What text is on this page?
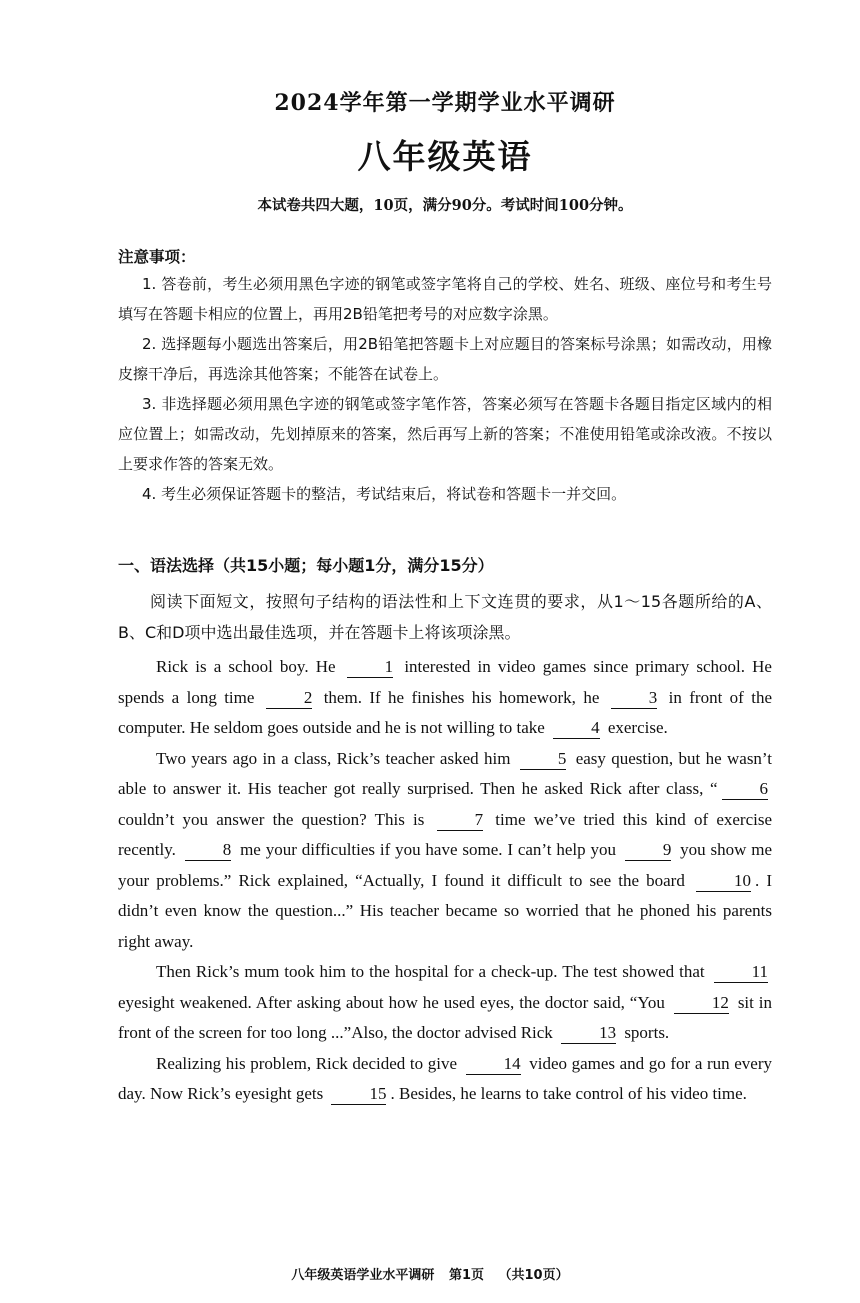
2024学年第一学期学业水平调研
八年级英语
本试卷共四大题，10页，满分90分。考试时间100分钟。
注意事项：

1. 答卷前，考生必须用黑色字迹的钢笔或签字笔将自己的学校、姓名、班级、座位号和考生号填写在答题卡相应的位置上，再用2B铅笔把考号的对应数字涂黑。

2. 选择题每小题选出答案后，用2B铅笔把答题卡上对应题目的答案标号涂黑；如需改动，用橡皮擦干净后，再选涂其他答案；不能答在试卷上。

3. 非选择题必须用黑色字迹的钢笔或签字笔作答，答案必须写在答题卡各题目指定区域内的相应位置上；如需改动，先划掉原来的答案，然后再写上新的答案；不准使用铅笔或涂改液。不按以上要求作答的答案无效。

4. 考生必须保证答题卡的整洁，考试结束后，将试卷和答题卡一并交回。

一、语法选择（共15小题；每小题1分，满分15分）

阅读下面短文，按照句子结构的语法性和上下文连贯的要求，从1～15各题所给的A、B、C和D项中选出最佳选项，并在答题卡上将该项涂黑。

Rick is a school boy. He	1 interested in video games since primary school. He spends a long time	2 them. If he finishes his homework, he	3 in front of the computer. He seldom goes outside and he is not willing to take	4 exercise.

Two years ago in a class, Rick’s teacher asked him	5 easy question, but he wasn’t able to answer it. His teacher got really surprised. Then he asked Rick after class, “ 6 couldn’t you answer the question? This is	7 time we’ve tried this kind of exercise recently.	8 me your difficulties if you have some. I can’t help you	9 you show me your problems.” Rick explained, “Actually, I found it difficult to see the board	10 . I didn’t even know the question...” His teacher became so worried that he phoned his parents right away.

Then Rick’s mum took him to the hospital for a check-up. The test showed that	11 eyesight weakened. After asking about how he used eyes, the doctor said, “You	12 sit in front of the screen for too long ...”Also, the doctor advised Rick	13 sports.

Realizing his problem, Rick decided to give	14 video games and go for a run every day. Now Rick’s eyesight gets	15 . Besides, he learns to take control of his video time.

八年级英语学业水平调研 第1页 （共10页）
